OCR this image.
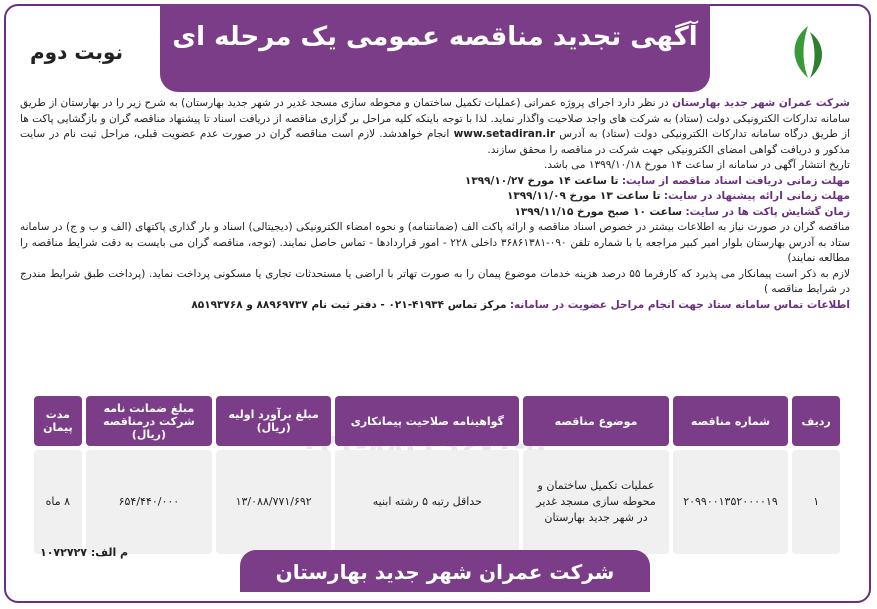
آگهی تجدید مناقصه عمومی یک مرحله ای
نوبت دوم

شرکت عمران شهر جدید بهارستان در نظر دارد اجرای پروژه عمرانی (عملیات تکمیل ساختمان و محوطه سازی مسجد غدیر در شهر جدید بهارستان) به شرح زیر را در بهارستان از طریق سامانه تدارکات الکترونیکی دولت (ستاد) به شرکت های واجد صلاحیت واگذار نماید. لذا با توجه باینکه کلیه مراحل بر گزاری مناقصه از دریافت اسناد تا پیشنهاد مناقصه گران و بازگشایی پاکت ها از طریق درگاه سامانه تدارکات الکترونیکی دولت (ستاد) به آدرس www.setadiran.ir انجام خواهدشد. لازم است مناقصه گران در صورت عدم عضویت قبلی، مراحل ثبت نام در سایت مذکور و دریافت گواهی امضای الکترونیکی جهت شرکت در مناقصه را محقق سازند.

تاریخ انتشار آگهی در سامانه از ساعت ۱۴ مورخ ۱۳۹۹/۱۰/۱۸ می باشد.

مهلت زمانی دریافت اسناد مناقصه از سایت: تا ساعت ۱۴ مورخ ۱۳۹۹/۱۰/۲۷

مهلت زمانی ارائه پیشنهاد در سایت: تا ساعت ۱۳ مورخ ۱۳۹۹/۱۱/۰۹

زمان گشایش پاکت ها در سایت: ساعت ۱۰ صبح مورخ ۱۳۹۹/۱۱/۱۵

مناقصه گران در صورت نیاز به اطلاعات بیشتر در خصوص اسناد مناقصه و ارائه پاکت الف (ضمانتنامه) و نحوه امضاء الکترونیکی (دیجیتالی) اسناد و بار گذاری پاکتهای (الف و ب و ج) در سامانه ستاد به آدرس بهارستان بلوار امیر کبیر مراجعه یا با شماره تلفن ۰۹۰-۳۶۸۶۱۳۸۱ داخلی ۲۲۸ - امور قراردادها - تماس حاصل نمایند. (توجه، مناقصه گران می بایست به دقت شرایط مناقصه را مطالعه نمایند)

لازم به ذکر است پیمانکار می پذیرد که کارفرما ۵۵ درصد هزینه خدمات موضوع پیمان را به صورت تهاتر با اراضی یا مستحدثات تجاری یا مسکونی پرداخت نماید. (پرداخت طبق شرایط مندرج در شرایط مناقصه )

اطلاعات تماس سامانه ستاد جهت انجام مراحل عضویت در سامانه: مرکز تماس ۴۱۹۳۴-۰۲۱ - دفتر ثبت نام ۸۸۹۶۹۷۳۷ و ۸۵۱۹۳۷۶۸

ردیف	شماره مناقصه	موضوع مناقصه	گواهینامه صلاحیت پیمانکاری	مبلغ برآورد اولیه (ریال)	مبلغ ضمانت نامه شرکت درمناقصه (ریال)	مدت پیمان
۱	۲۰۹۹۰۰۱۳۵۲۰۰۰۰۱۹	عملیات تکمیل ساختمان و محوطه سازی مسجد غدیر در شهر جدید بهارستان	حداقل رتبه ۵ رشته ابنیه	۱۳/۰۸۸/۷۷۱/۶۹۲	۶۵۴/۴۴۰/۰۰۰	۸ ماه
م الف: ۱۰۷۲۷۲۷
شرکت عمران شهر جدید بهارستان
